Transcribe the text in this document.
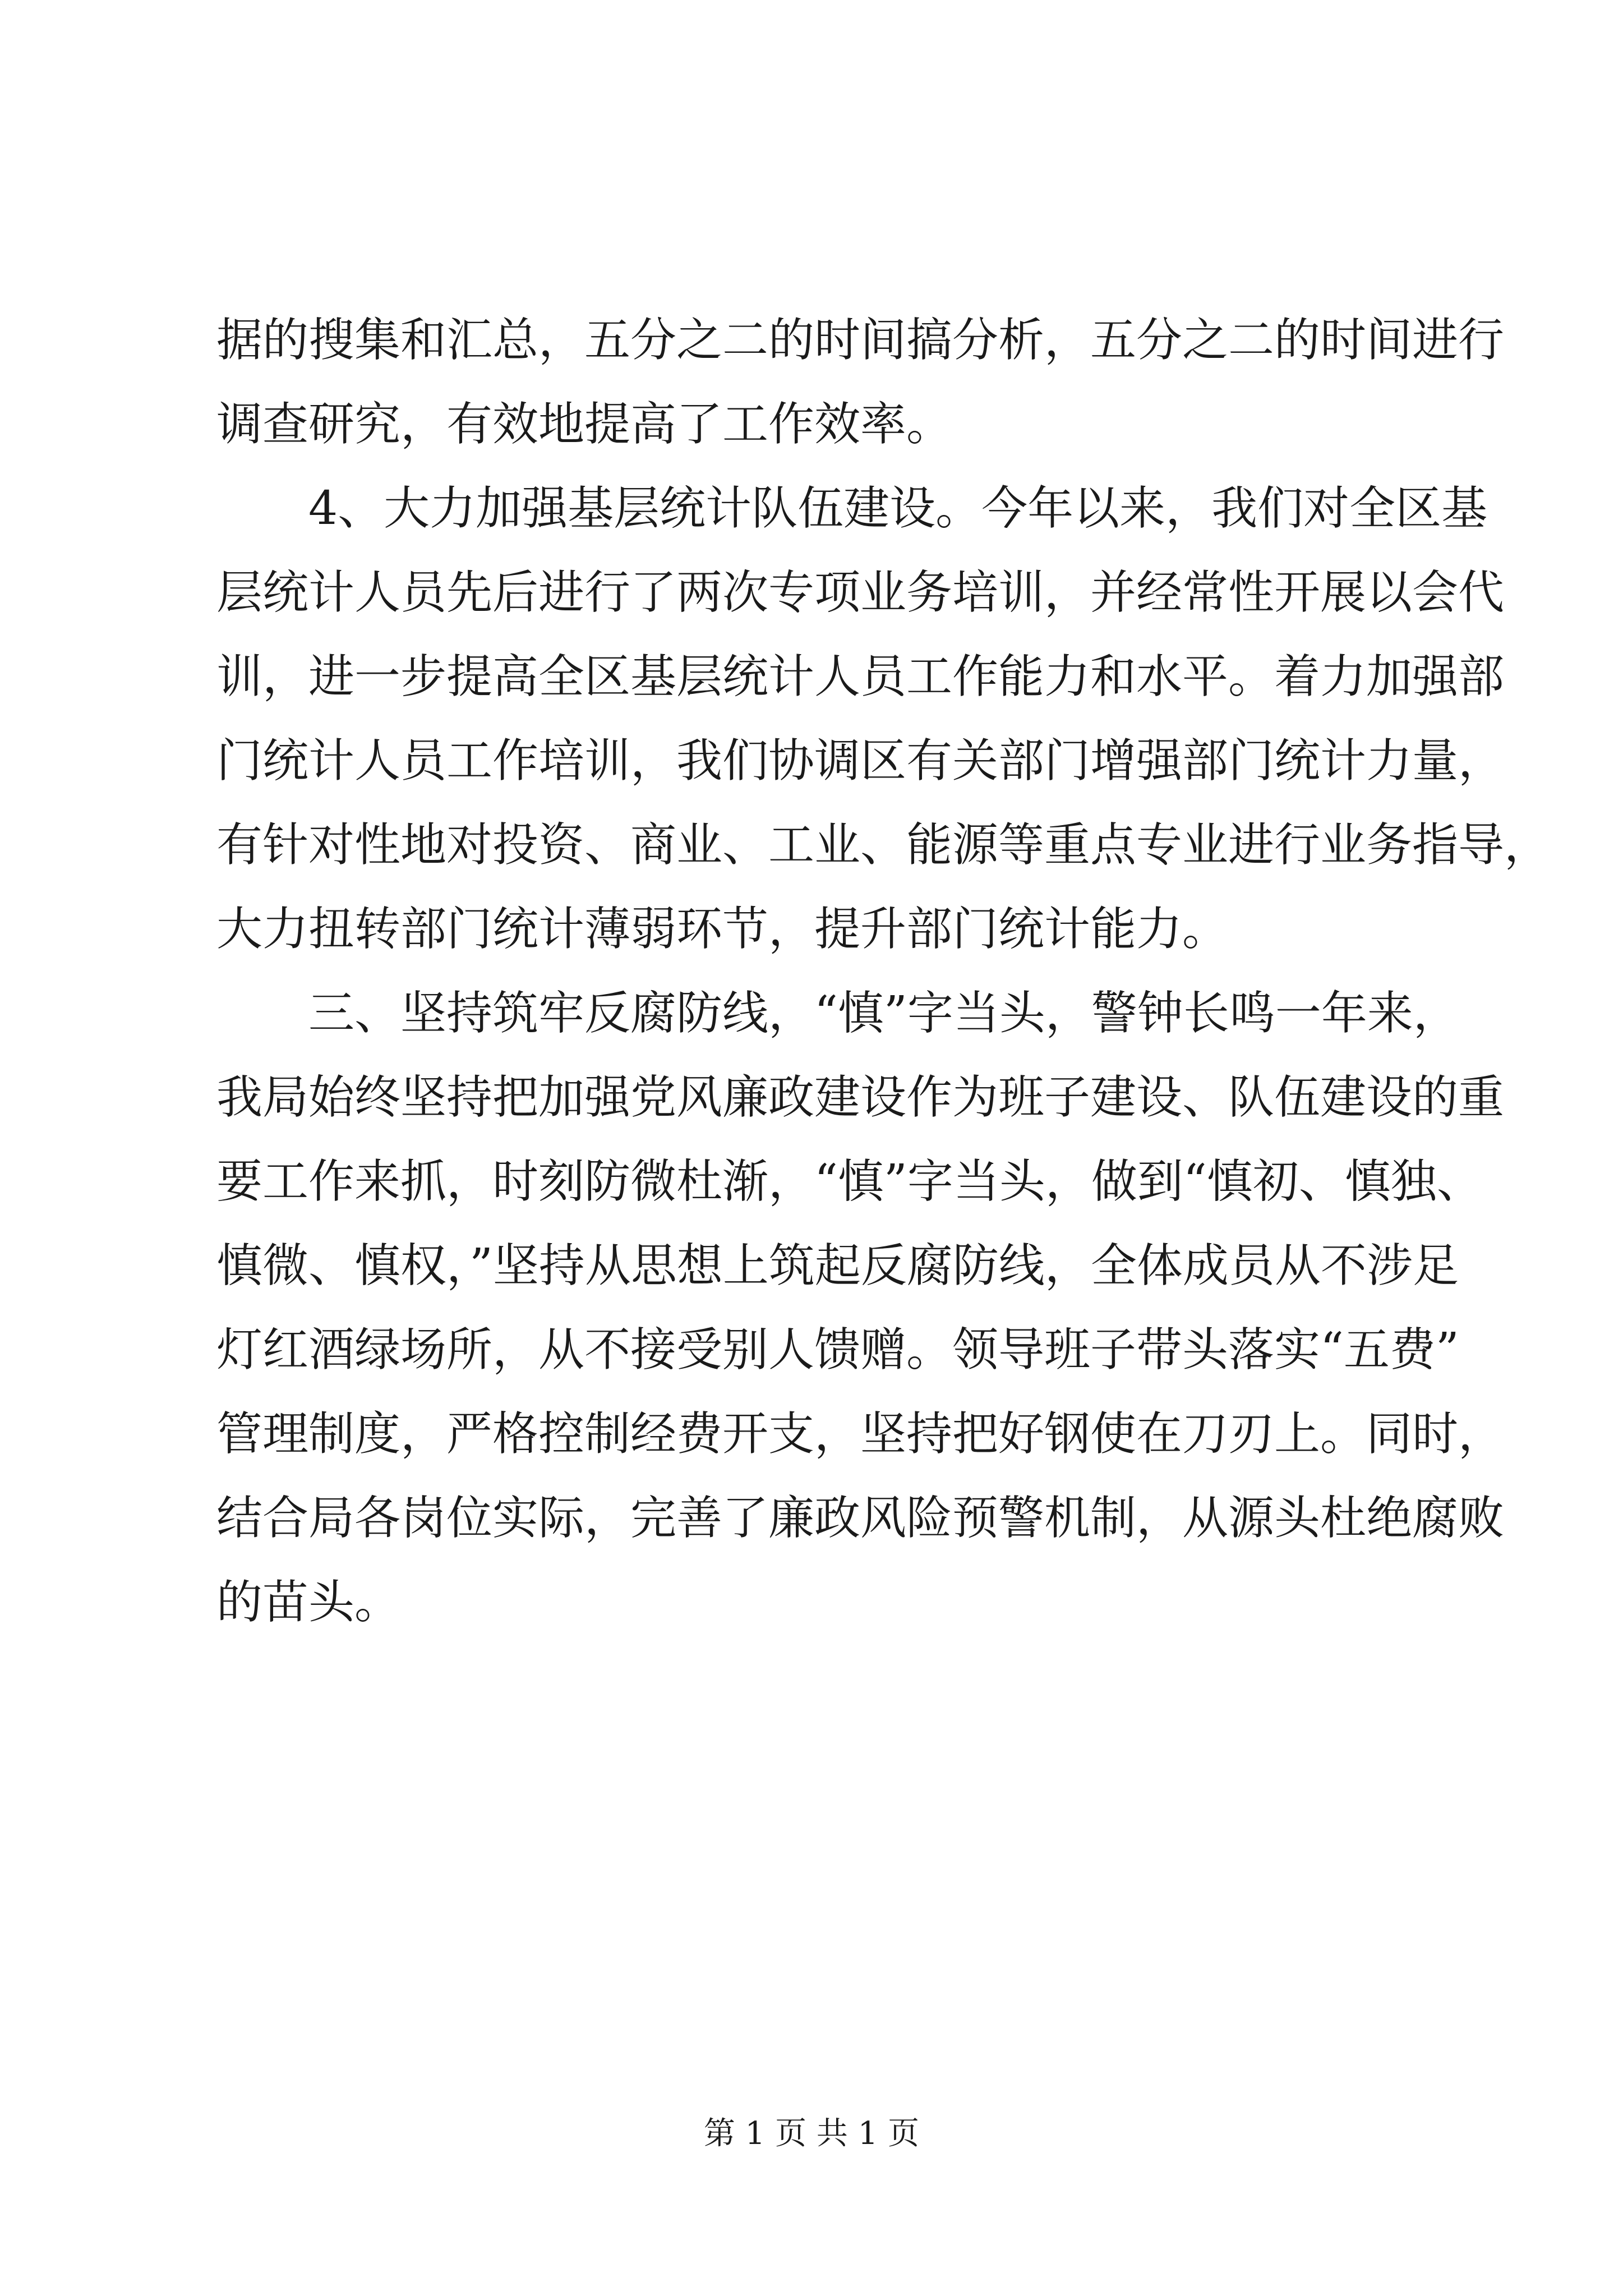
据的搜集和汇总，五分之二的时间搞分析，五分之二的时间进行
调查研究，有效地提高了工作效率。
4、大力加强基层统计队伍建设。今年以来，我们对全区基
层统计人员先后进行了两次专项业务培训，并经常性开展以会代
训，进一步提高全区基层统计人员工作能力和水平。着力加强部
门统计人员工作培训，我们协调区有关部门增强部门统计力量，
有针对性地对投资、商业、工业、能源等重点专业进行业务指导，
大力扭转部门统计薄弱环节，提升部门统计能力。
三、坚持筑牢反腐防线，“慎”字当头，警钟长鸣一年来，
我局始终坚持把加强党风廉政建设作为班子建设、队伍建设的重
要工作来抓，时刻防微杜渐，“慎”字当头，做到“慎初、慎独、
慎微、慎权，”坚持从思想上筑起反腐防线，全体成员从不涉足
灯红酒绿场所，从不接受别人馈赠。领导班子带头落实“五费”
管理制度，严格控制经费开支，坚持把好钢使在刀刃上。同时，
结合局各岗位实际，完善了廉政风险预警机制，从源头杜绝腐败
的苗头。
第 1 页 共 1 页
